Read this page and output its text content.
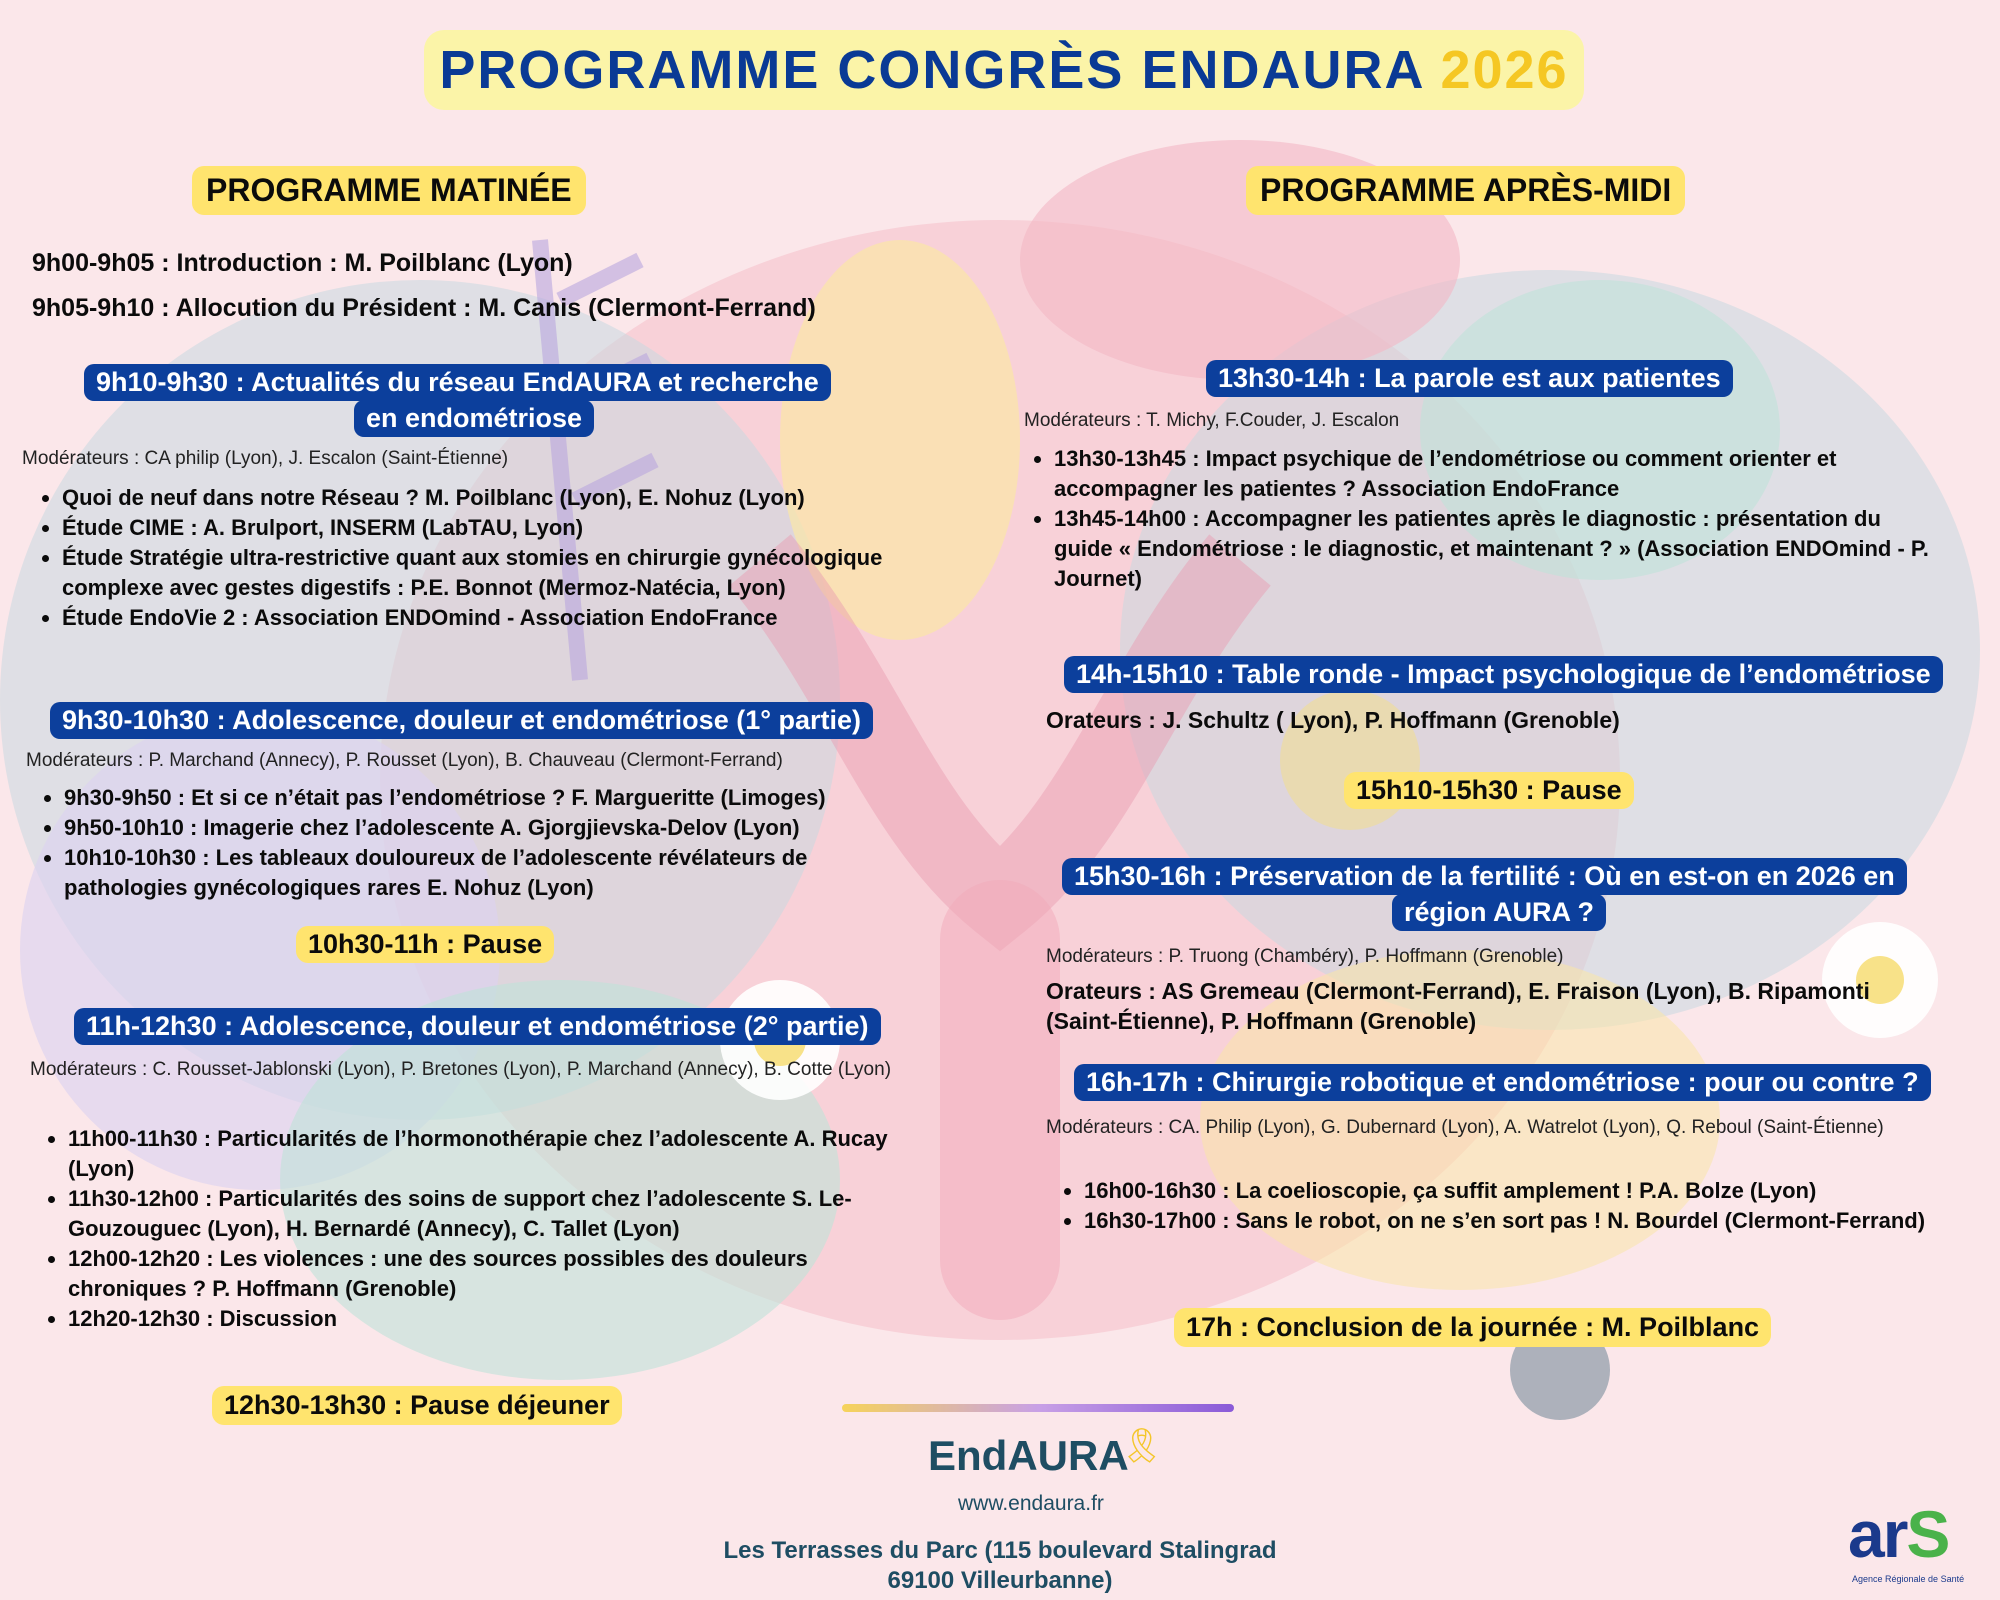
PROGRAMME CONGRÈS ENDAURA 2026
PROGRAMME MATINÉE
9h00-9h05 : Introduction : M. Poilblanc (Lyon)
9h05-9h10 : Allocution du Président : M. Canis (Clermont-Ferrand)
9h10-9h30 : Actualités du réseau EndAURA et recherche
en endométriose
Modérateurs : CA philip (Lyon), J. Escalon (Saint-Étienne)
• Quoi de neuf dans notre Réseau ? M. Poilblanc (Lyon), E. Nohuz (Lyon)
• Étude CIME : A. Brulport, INSERM (LabTAU, Lyon)
• Étude Stratégie ultra-restrictive quant aux stomies en chirurgie gynécologique complexe avec gestes digestifs : P.E. Bonnot (Mermoz-Natécia, Lyon)
• Étude EndoVie 2 : Association ENDOmind - Association EndoFrance
9h30-10h30 : Adolescence, douleur et endométriose (1° partie)
Modérateurs : P. Marchand (Annecy), P. Rousset (Lyon), B. Chauveau (Clermont-Ferrand)
• 9h30-9h50 : Et si ce n’était pas l’endométriose ? F. Margueritte (Limoges)
• 9h50-10h10 : Imagerie chez l’adolescente A. Gjorgjievska-Delov (Lyon)
• 10h10-10h30 : Les tableaux douloureux de l’adolescente révélateurs de pathologies gynécologiques rares E. Nohuz (Lyon)
10h30-11h : Pause
11h-12h30 : Adolescence, douleur et endométriose (2° partie)
Modérateurs : C. Rousset-Jablonski (Lyon), P. Bretones (Lyon), P. Marchand (Annecy), B. Cotte (Lyon)
• 11h00-11h30 : Particularités de l’hormonothérapie chez l’adolescente A. Rucay (Lyon)
• 11h30-12h00 : Particularités des soins de support chez l’adolescente S. Le-Gouzouguec (Lyon), H. Bernardé (Annecy), C. Tallet (Lyon)
• 12h00-12h20 : Les violences : une des sources possibles des douleurs chroniques ? P. Hoffmann (Grenoble)
• 12h20-12h30 : Discussion
12h30-13h30 : Pause déjeuner
PROGRAMME APRÈS-MIDI
13h30-14h : La parole est aux patientes
Modérateurs : T. Michy, F.Couder, J. Escalon
• 13h30-13h45 : Impact psychique de l’endométriose ou comment orienter et accompagner les patientes ? Association EndoFrance
• 13h45-14h00 : Accompagner les patientes après le diagnostic : présentation du guide « Endométriose : le diagnostic, et maintenant ? » (Association ENDOmind - P. Journet)
14h-15h10 : Table ronde - Impact psychologique de l’endométriose
Orateurs : J. Schultz ( Lyon), P. Hoffmann (Grenoble)
15h10-15h30 : Pause
15h30-16h : Préservation de la fertilité : Où en est-on en 2026 en
région AURA ?
Modérateurs : P. Truong (Chambéry), P. Hoffmann (Grenoble)
Orateurs : AS Gremeau (Clermont-Ferrand), E. Fraison (Lyon), B. Ripamonti (Saint-Étienne), P. Hoffmann (Grenoble)
16h-17h : Chirurgie robotique et endométriose : pour ou contre ?
Modérateurs : CA. Philip (Lyon), G. Dubernard (Lyon), A. Watrelot (Lyon), Q. Reboul (Saint-Étienne)
• 16h00-16h30 : La coelioscopie, ça suffit amplement ! P.A. Bolze (Lyon)
• 16h30-17h00 : Sans le robot, on ne s’en sort pas ! N. Bourdel (Clermont-Ferrand)
17h : Conclusion de la journée : M. Poilblanc
EndAURA
🎗
www.endaura.fr
Les Terrasses du Parc (115 boulevard Stalingrad
69100 Villeurbanne)
arS
Agence Régionale de Santé
